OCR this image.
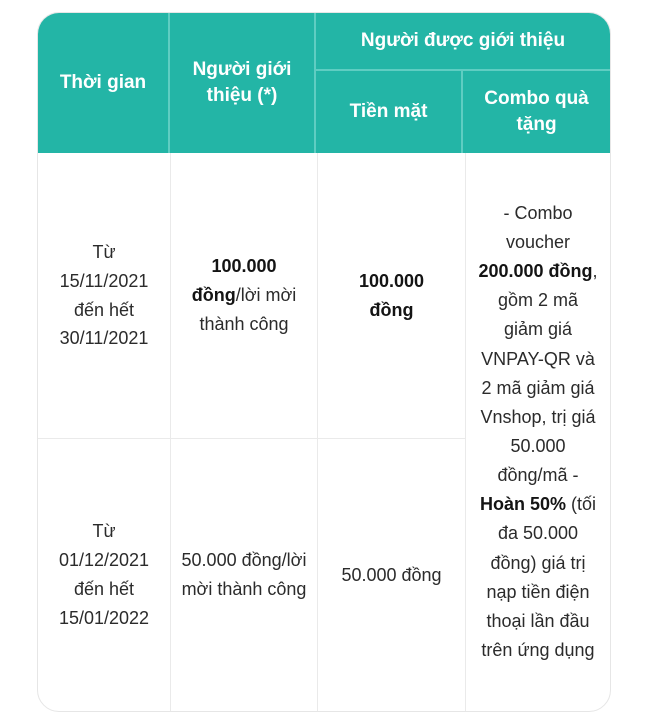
Thời gian
Người giới thiệu (*)
Người được giới thiệu
Tiền mặt
Combo quà tặng
Từ
15/11/2021
đến hết
30/11/2021
Từ
01/12/2021
đến hết
15/01/2022
100.000 đồng/lời mời thành công
50.000 đồng/lời mời thành công
100.000
đồng
50.000 đồng
- Combo voucher 200.000 đồng, gồm 2 mã giảm giá VNPAY-QR và 2 mã giảm giá Vnshop, trị giá 50.000 đồng/mã - Hoàn 50% (tối đa 50.000 đồng) giá trị nạp tiền điện thoại lần đầu trên ứng dụng
